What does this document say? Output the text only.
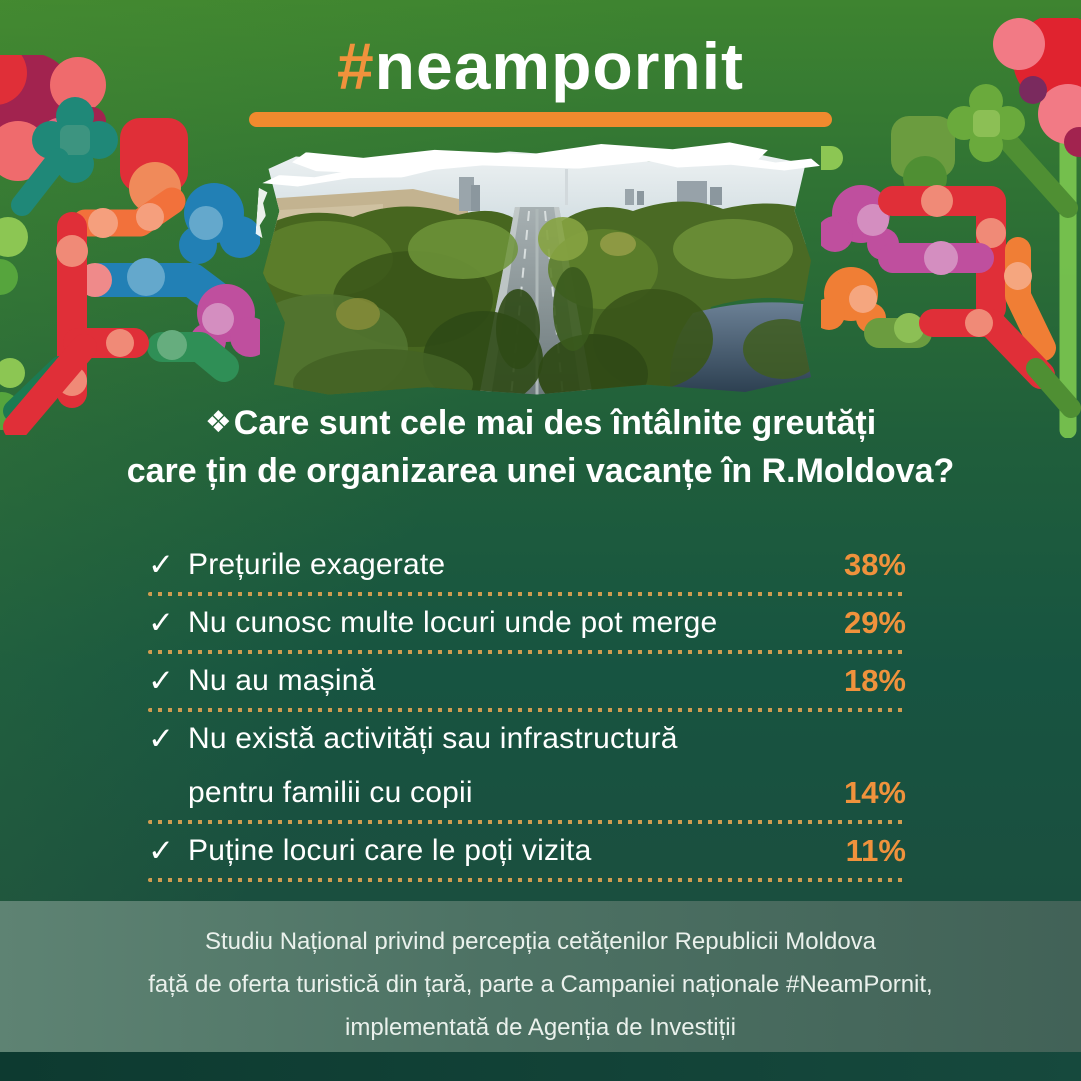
#neampornit
❖Care sunt cele mai des întâlnite greutăți
care țin de organizarea unei vacanțe în R.Moldova?
✓ Prețurile exagerate	38%
✓ Nu cunosc multe locuri unde pot merge	29%
✓ Nu au mașină	18%
✓ Nu există activități sau infrastructură
pentru familii cu copii	14%
✓ Puține locuri care le poți vizita	11%
Studiu Național privind percepția cetățenilor Republicii Moldova
față de oferta turistică din țară, parte a Campaniei naționale #NeamPornit,
implementată de Agenția de Investiții
